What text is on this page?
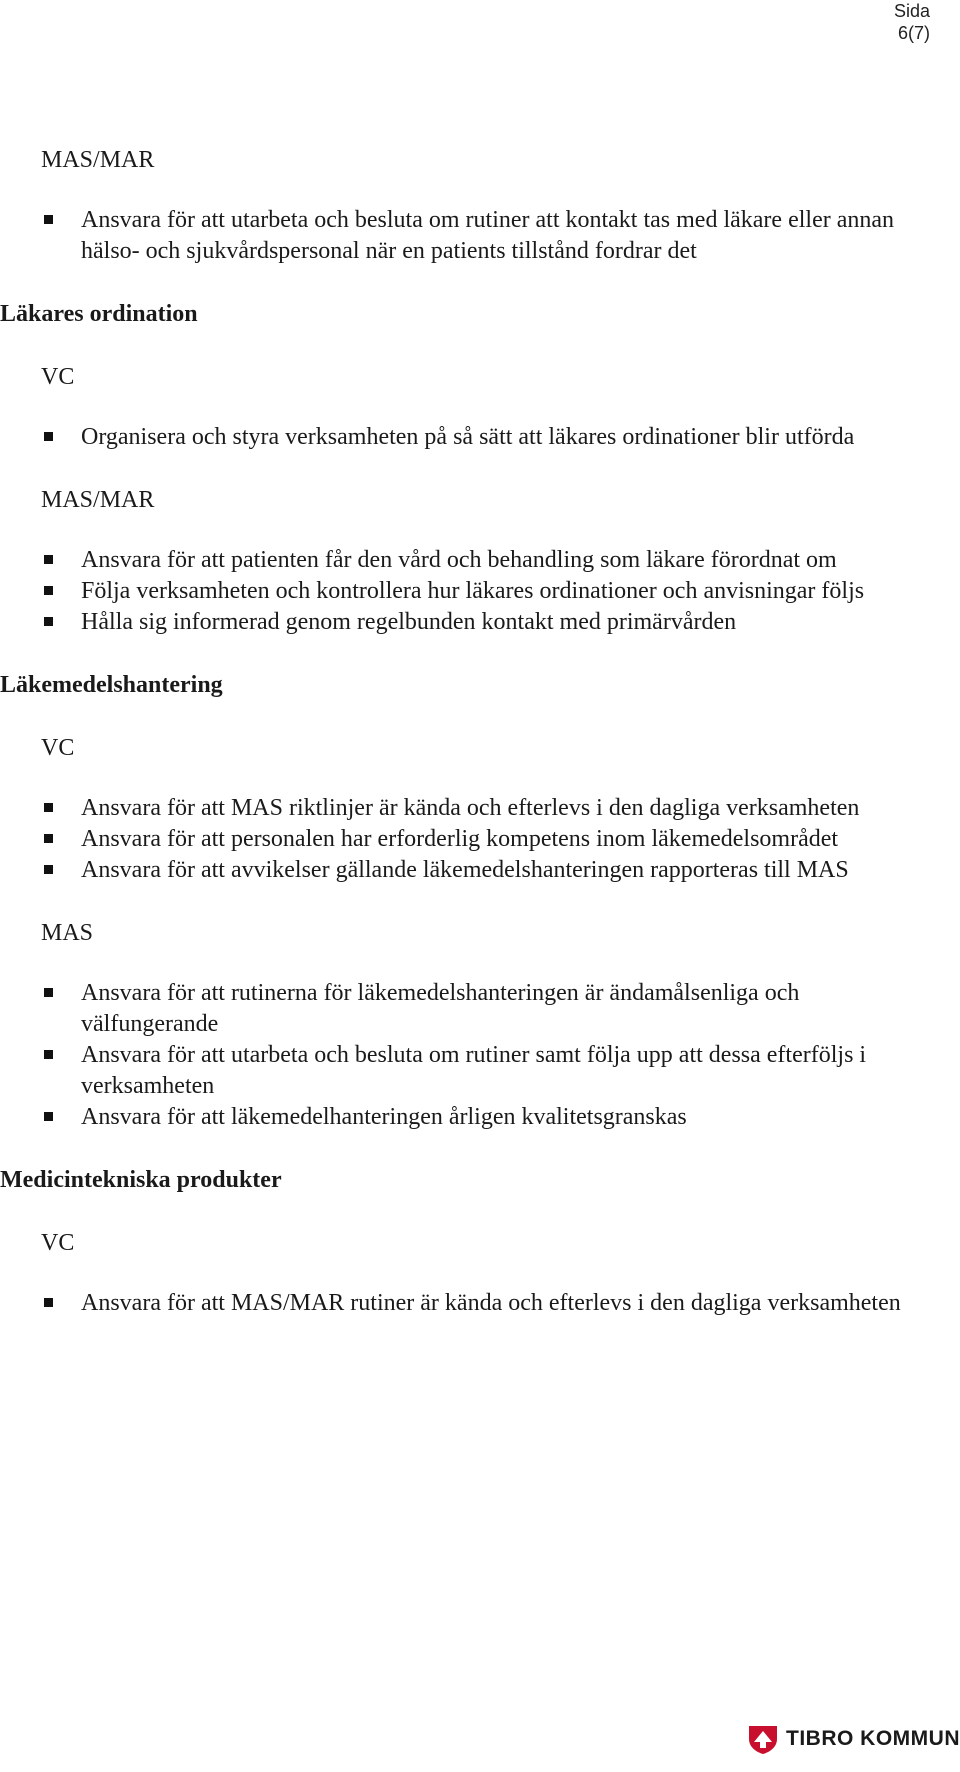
Sida
6(7)
MAS/MAR
Ansvara för att utarbeta och besluta om rutiner att kontakt tas med läkare eller annan hälso- och sjukvårdspersonal när en patients tillstånd fordrar det
Läkares ordination
VC
Organisera och styra verksamheten på så sätt att läkares ordinationer blir utförda
MAS/MAR
Ansvara för att patienten får den vård och behandling som läkare förordnat om
Följa verksamheten och kontrollera hur läkares ordinationer och anvisningar följs
Hålla sig informerad genom regelbunden kontakt med primärvården
Läkemedelshantering
VC
Ansvara för att MAS riktlinjer är kända och efterlevs i den dagliga verksamheten
Ansvara för att personalen har erforderlig kompetens inom läkemedelsområdet
Ansvara för att avvikelser gällande läkemedelshanteringen rapporteras till MAS
MAS
Ansvara för att rutinerna för läkemedelshanteringen är ändamålsenliga och välfungerande
Ansvara för att utarbeta och besluta om rutiner samt följa upp att dessa efterföljs i verksamheten
Ansvara för att läkemedelhanteringen årligen kvalitetsgranskas
Medicintekniska produkter
VC
Ansvara för att MAS/MAR rutiner är kända och efterlevs i den dagliga verksamheten
TIBRO KOMMUN
